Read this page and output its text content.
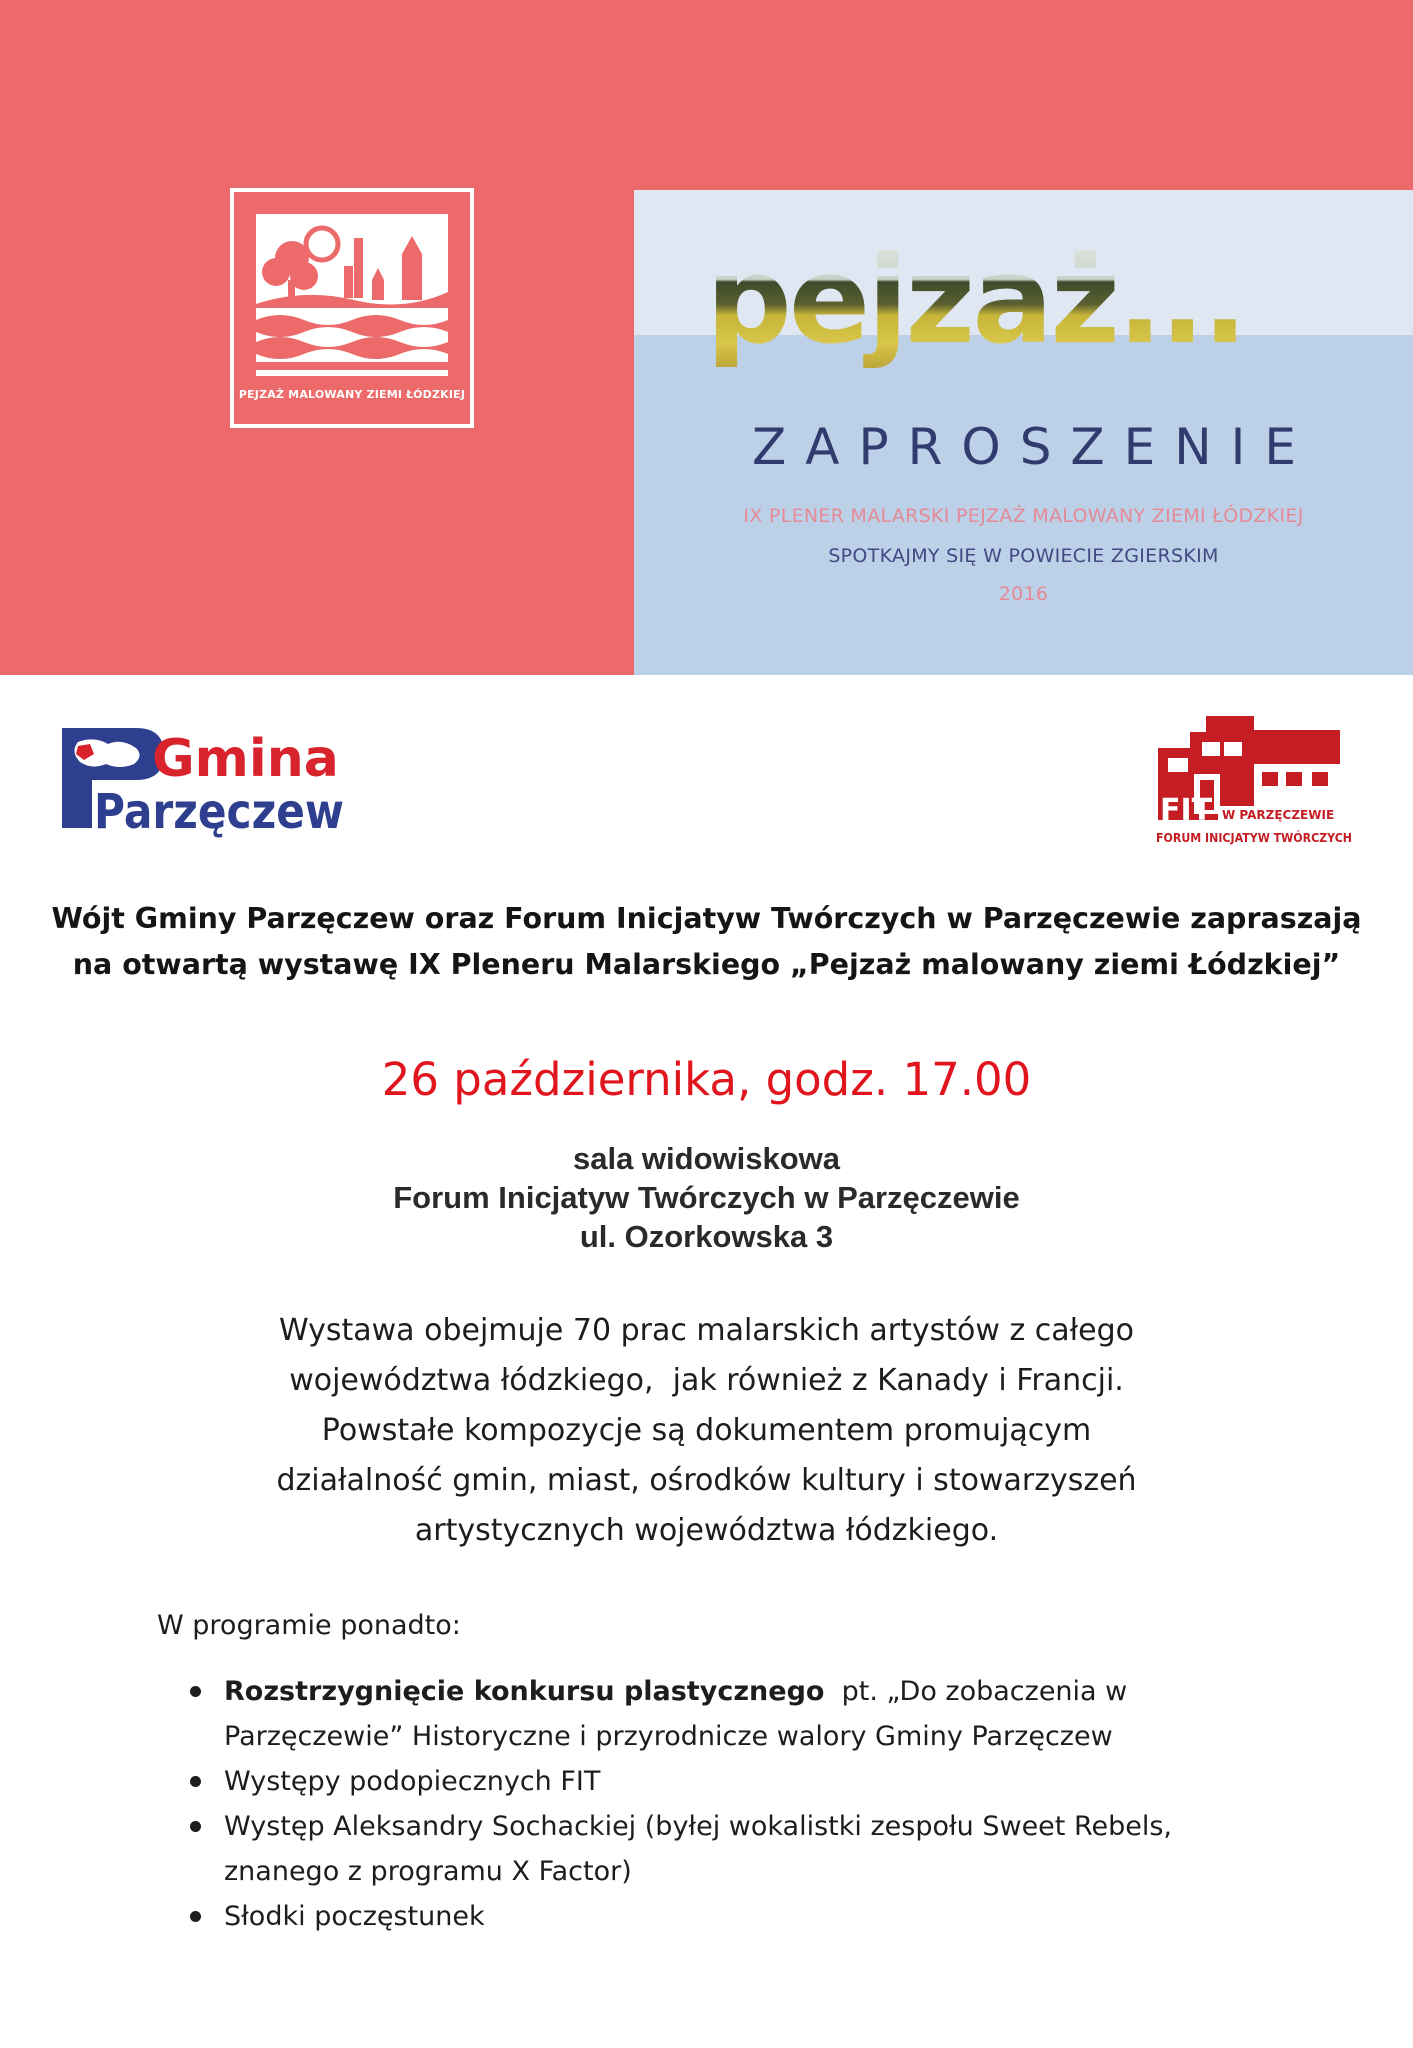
PEJZAŻ MALOWANY ZIEMI ŁÓDZKIEJ
pejzaż...
ZAPROSZENIE
IX PLENER MALARSKI PEJZAŻ MALOWANY ZIEMI ŁÓDZKIEJ
SPOTKAJMY SIĘ W POWIECIE ZGIERSKIM
2016
Gmina
Parzęczew	FIT W PARZĘCZEWIE
FORUM INICJATYW TWÓRCZYCH
Wójt Gminy Parzęczew oraz Forum Inicjatyw Twórczych w Parzęczewie zapraszają
na otwartą wystawę IX Pleneru Malarskiego „Pejzaż malowany ziemi Łódzkiej”
26 października, godz. 17.00
sala widowiskowa
Forum Inicjatyw Twórczych w Parzęczewie
ul. Ozorkowska 3
Wystawa obejmuje 70 prac malarskich artystów z całego
województwa łódzkiego,  jak również z Kanady i Francji.
Powstałe kompozycje są dokumentem promującym
działalność gmin, miast, ośrodków kultury i stowarzyszeń
artystycznych województwa łódzkiego.
W programie ponadto:
Rozstrzygnięcie konkursu plastycznego  pt. „Do zobaczenia w Parzęczewie” Historyczne i przyrodnicze walory Gminy Parzęczew
Występy podopiecznych FIT
Występ Aleksandry Sochackiej (byłej wokalistki zespołu Sweet Rebels, znanego z programu X Factor)
Słodki poczęstunek
